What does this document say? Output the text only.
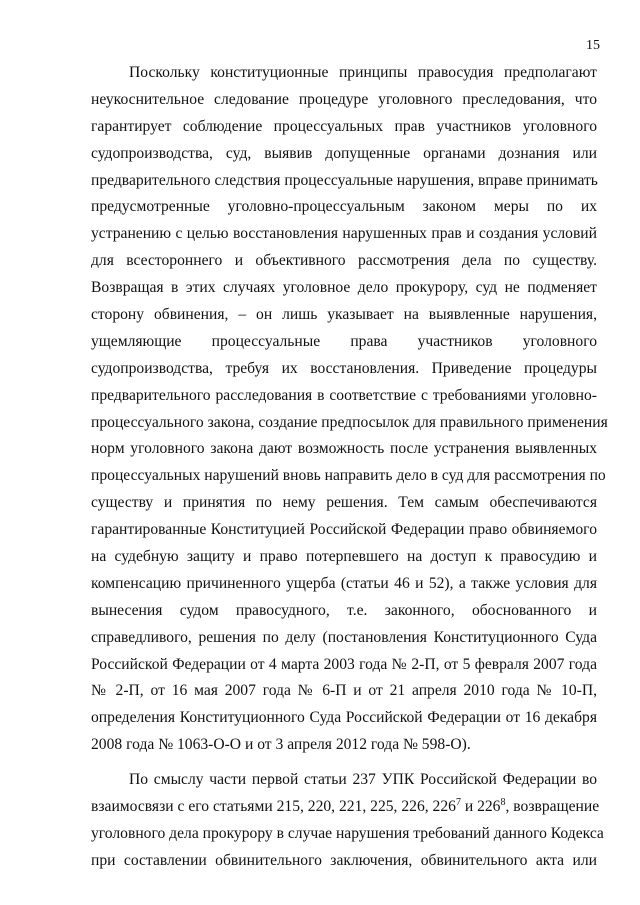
15
Поскольку конституционные принципы правосудия предполагают
неукоснительное следование процедуре уголовного преследования, что
гарантирует соблюдение процессуальных прав участников уголовного
судопроизводства, суд, выявив допущенные органами дознания или
предварительного следствия процессуальные нарушения, вправе принимать
предусмотренные уголовно-процессуальным законом меры по их
устранению с целью восстановления нарушенных прав и создания условий
для всестороннего и объективного рассмотрения дела по существу.
Возвращая в этих случаях уголовное дело прокурору, суд не подменяет
сторону обвинения, – он лишь указывает на выявленные нарушения,
ущемляющие процессуальные права участников уголовного
судопроизводства, требуя их восстановления. Приведение процедуры
предварительного расследования в соответствие с требованиями уголовно-
процессуального закона, создание предпосылок для правильного применения
норм уголовного закона дают возможность после устранения выявленных
процессуальных нарушений вновь направить дело в суд для рассмотрения по
существу и принятия по нему решения. Тем самым обеспечиваются
гарантированные Конституцией Российской Федерации право обвиняемого
на судебную защиту и право потерпевшего на доступ к правосудию и
компенсацию причиненного ущерба (статьи 46 и 52), а также условия для
вынесения судом правосудного, т.е. законного, обоснованного и
справедливого, решения по делу (постановления Конституционного Суда
Российской Федерации от 4 марта 2003 года № 2-П, от 5 февраля 2007 года
№ 2-П, от 16 мая 2007 года № 6-П и от 21 апреля 2010 года № 10-П,
определения Конституционного Суда Российской Федерации от 16 декабря
2008 года № 1063-О-О и от 3 апреля 2012 года № 598-О).
По смыслу части первой статьи 237 УПК Российской Федерации во
взаимосвязи с его статьями 215, 220, 221, 225, 226, $226^7$ и $226^8$, возвращение
уголовного дела прокурору в случае нарушения требований данного Кодекса
при составлении обвинительного заключения, обвинительного акта или
